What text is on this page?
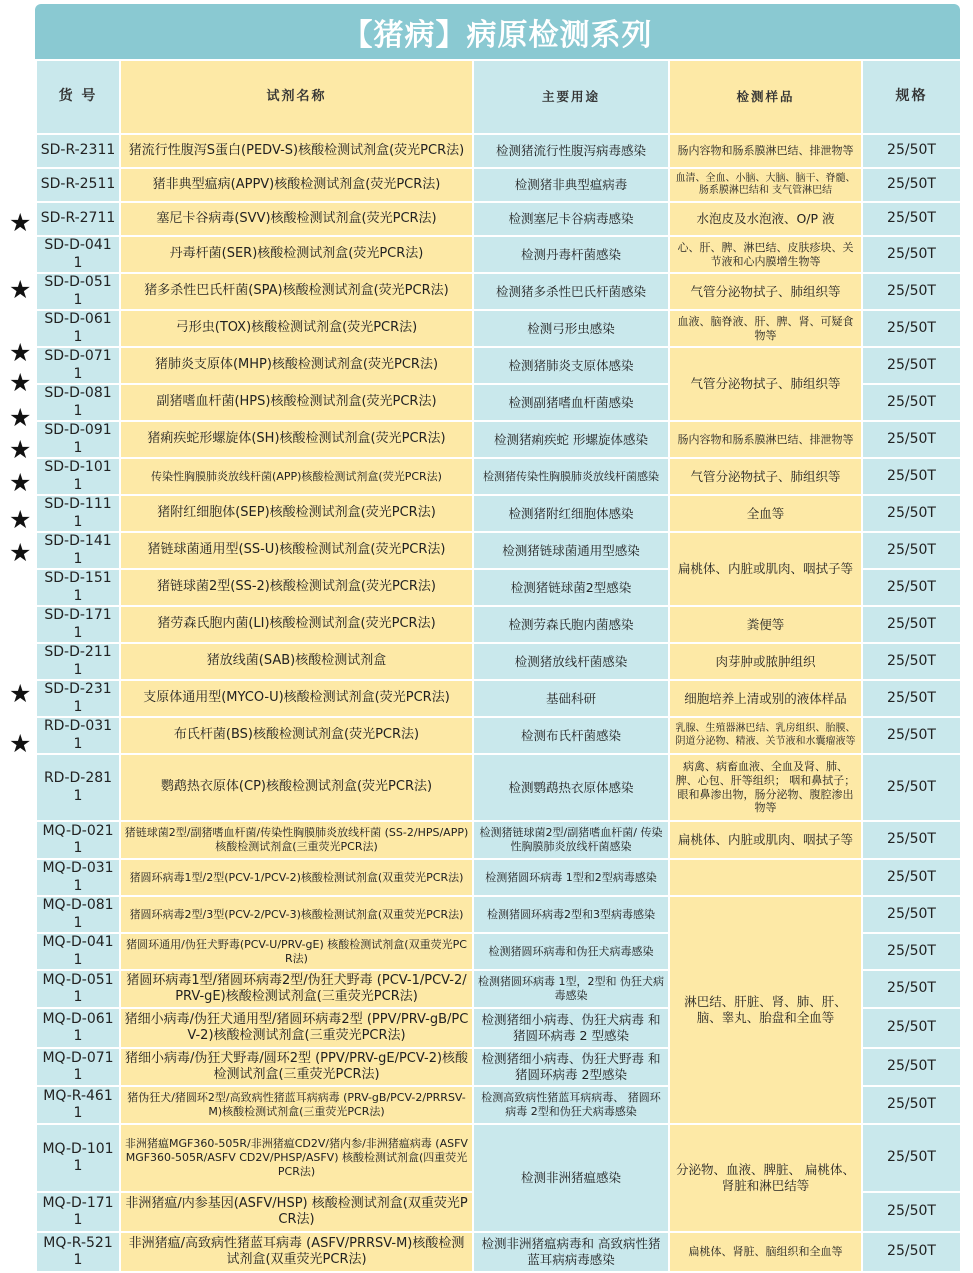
★
★
★
★
★
★
★
★
★
★
★
【猪病】病原检测系列
货 号	试剂名称	主要用途	检测样品	规格
SD-R-2311	猪流行性腹泻S蛋白(PEDV-S)核酸检测试剂盒(荧光PCR法)	检测猪流行性腹泻病毒感染	肠内容物和肠系膜淋巴结、排泄物等	25/50T
SD-R-2511	猪非典型瘟病(APPV)核酸检测试剂盒(荧光PCR法)	检测猪非典型瘟病毒	血清、全血、小脑、大脑、脑干、脊髓、肠系膜淋巴结和 支气管淋巴结	25/50T
SD-R-2711	塞尼卡谷病毒(SVV)核酸检测试剂盒(荧光PCR法)	检测塞尼卡谷病毒感染	水泡皮及水泡液、O/P 液	25/50T
SD-D-0411	丹毒杆菌(SER)核酸检测试剂盒(荧光PCR法)	检测丹毒杆菌感染	心、肝、脾、淋巴结、皮肤疹块、关节液和心内膜增生物等	25/50T
SD-D-0511	猪多杀性巴氏杆菌(SPA)核酸检测试剂盒(荧光PCR法)	检测猪多杀性巴氏杆菌感染	气管分泌物拭子、肺组织等	25/50T
SD-D-0611	弓形虫(TOX)核酸检测试剂盒(荧光PCR法)	检测弓形虫感染	血液、脑脊液、肝、脾、肾、可疑食物等	25/50T
SD-D-0711	猪肺炎支原体(MHP)核酸检测试剂盒(荧光PCR法)	检测猪肺炎支原体感染	气管分泌物拭子、肺组织等	25/50T
SD-D-0811	副猪嗜血杆菌(HPS)核酸检测试剂盒(荧光PCR法)	检测副猪嗜血杆菌感染		25/50T
SD-D-0911	猪痢疾蛇形螺旋体(SH)核酸检测试剂盒(荧光PCR法)	检测猪痢疾蛇 形螺旋体感染	肠内容物和肠系膜淋巴结、排泄物等	25/50T
SD-D-1011	传染性胸膜肺炎放线杆菌(APP)核酸检测试剂盒(荧光PCR法)	检测猪传染性胸膜肺炎放线杆菌感染	气管分泌物拭子、肺组织等	25/50T
SD-D-1111	猪附红细胞体(SEP)核酸检测试剂盒(荧光PCR法)	检测猪附红细胞体感染	全血等	25/50T
SD-D-1411	猪链球菌通用型(SS-U)核酸检测试剂盒(荧光PCR法)	检测猪链球菌通用型感染	扁桃体、内脏或肌肉、咽拭子等	25/50T
SD-D-1511	猪链球菌2型(SS-2)核酸检测试剂盒(荧光PCR法)	检测猪链球菌2型感染		25/50T
SD-D-1711	猪劳森氏胞内菌(LI)核酸检测试剂盒(荧光PCR法)	检测劳森氏胞内菌感染	粪便等	25/50T
SD-D-2111	猪放线菌(SAB)核酸检测试剂盒	检测猪放线杆菌感染	肉芽肿或脓肿组织	25/50T
SD-D-2311	支原体通用型(MYCO-U)核酸检测试剂盒(荧光PCR法)	基础科研	细胞培养上清或别的液体样品	25/50T
RD-D-0311	布氏杆菌(BS)核酸检测试剂盒(荧光PCR法)	检测布氏杆菌感染	乳腺、生殖器淋巴结、乳房组织、胎膜、阴道分泌物、精液、关节液和水囊瘤液等	25/50T
RD-D-2811	鹦鹉热衣原体(CP)核酸检测试剂盒(荧光PCR法)	检测鹦鹉热衣原体感染	病禽、病畜血液、全血及肾、肺、脾、心包、肝等组织； 咽和鼻拭子；眼和鼻渗出物，肠分泌物、腹腔渗出物等	25/50T
MQ-D-0211	猪链球菌2型/副猪嗜血杆菌/传染性胸膜肺炎放线杆菌 (SS-2/HPS/APP)核酸检测试剂盒(三重荧光PCR法)	检测猪链球菌2型/副猪嗜血杆菌/ 传染性胸膜肺炎放线杆菌感染	扁桃体、内脏或肌肉、咽拭子等	25/50T
MQ-D-0311	猪圆环病毒1型/2型(PCV-1/PCV-2)核酸检测试剂盒(双重荧光PCR法)	检测猪圆环病毒 1型和2型病毒感染		25/50T
MQ-D-0811	猪圆环病毒2型/3型(PCV-2/PCV-3)核酸检测试剂盒(双重荧光PCR法)	检测猪圆环病毒2型和3型病毒感染	淋巴结、肝脏、肾、肺、肝、 脑、睾丸、胎盘和全血等	25/50T
MQ-D-0411	猪圆环通用/伪狂犬野毒(PCV-U/PRV-gE) 核酸检测试剂盒(双重荧光PCR法)	检测猪圆环病毒和伪狂犬病毒感染		25/50T
MQ-D-0511	猪圆环病毒1型/猪圆环病毒2型/伪狂犬野毒 (PCV-1/PCV-2/PRV-gE)核酸检测试剂盒(三重荧光PCR法)	检测猪圆环病毒 1型，2型和 伪狂犬病毒感染		25/50T
MQ-D-0611	猪细小病毒/伪狂犬通用型/猪圆环病毒2型 (PPV/PRV-gB/PCV-2)核酸检测试剂盒(三重荧光PCR法)	检测猪细小病毒、伪狂犬病毒 和猪圆环病毒 2 型感染		25/50T
MQ-D-0711	猪细小病毒/伪狂犬野毒/圆环2型 (PPV/PRV-gE/PCV-2)核酸检测试剂盒(三重荧光PCR法)	检测猪细小病毒、伪狂犬野毒 和猪圆环病毒 2型感染		25/50T
MQ-R-4611	猪伪狂犬/猪圆环2型/高致病性猪蓝耳病病毒 (PRV-gB/PCV-2/PRRSV-M)核酸检测试剂盒(三重荧光PCR法)	检测高致病性猪蓝耳病病毒、 猪圆环病毒 2型和伪狂犬病毒感染		25/50T
MQ-D-1011	非洲猪瘟MGF360-505R/非洲猪瘟CD2V/猪内参/非洲猪瘟病毒 (ASFV MGF360-505R/ASFV CD2V/PHSP/ASFV) 核酸检测试剂盒(四重荧光PCR法)	检测非洲猪瘟感染	分泌物、血液、脾脏、 扁桃体、肾脏和淋巴结等	25/50T
MQ-D-1711	非洲猪瘟/内参基因(ASFV/HSP) 核酸检测试剂盒(双重荧光PCR法)			25/50T
MQ-R-5211	非洲猪瘟/高致病性猪蓝耳病毒 (ASFV/PRRSV-M)核酸检测试剂盒(双重荧光PCR法)	检测非洲猪瘟病毒和 高致病性猪蓝耳病病毒感染	扁桃体、肾脏、脑组织和全血等	25/50T
